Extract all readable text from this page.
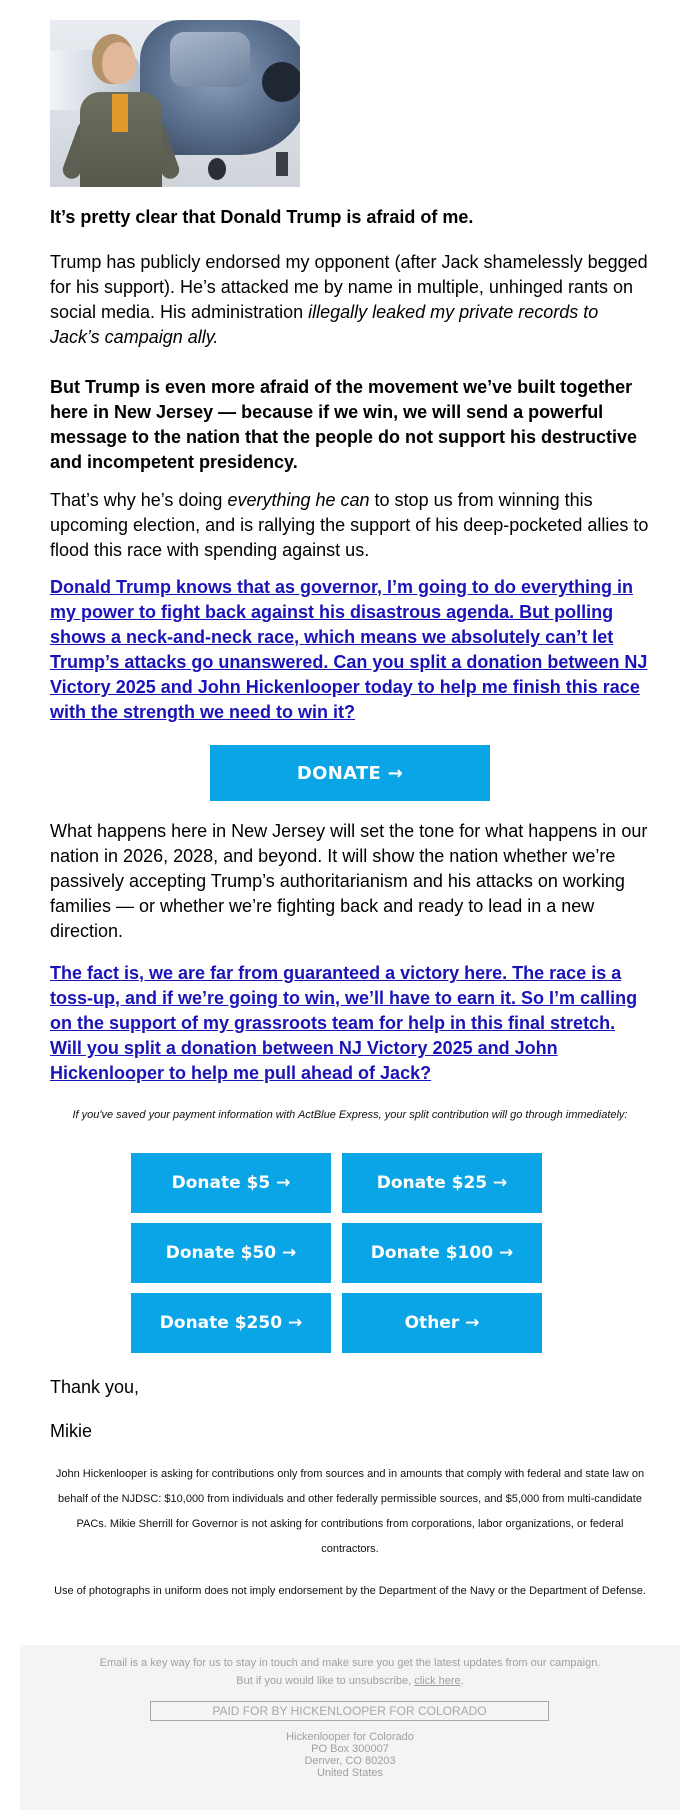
It’s pretty clear that Donald Trump is afraid of me.

Trump has publicly endorsed my opponent (after Jack shamelessly begged for his support). He’s attacked me by name in multiple, unhinged rants on social media. His administration illegally leaked my private records to Jack’s campaign ally.

But Trump is even more afraid of the movement we’ve built together here in New Jersey — because if we win, we will send a powerful message to the nation that the people do not support his destructive and incompetent presidency.

That’s why he’s doing everything he can to stop us from winning this upcoming election, and is rallying the support of his deep-pocketed allies to flood this race with spending against us.

Donald Trump knows that as governor, I’m going to do everything in my power to fight back against his disastrous agenda. But polling shows a neck-and-neck race, which means we absolutely can’t let Trump’s attacks go unanswered. Can you split a donation between NJ Victory 2025 and John Hickenlooper today to help me finish this race with the strength we need to win it?

DONATE →

What happens here in New Jersey will set the tone for what happens in our nation in 2026, 2028, and beyond. It will show the nation whether we’re passively accepting Trump’s authoritarianism and his attacks on working families — or whether we’re fighting back and ready to lead in a new direction.

The fact is, we are far from guaranteed a victory here. The race is a toss-up, and if we’re going to win, we’ll have to earn it. So I’m calling on the support of my grassroots team for help in this final stretch. Will you split a donation between NJ Victory 2025 and John Hickenlooper to help me pull ahead of Jack?

If you've saved your payment information with ActBlue Express, your split contribution will go through immediately:
Donate $5 →	Donate $25 →
Donate $50 →	Donate $100 →
Donate $250 →	Other →

Thank you,

Mikie

John Hickenlooper is asking for contributions only from sources and in amounts that comply with federal and state law on behalf of the NJDSC: $10,000 from individuals and other federally permissible sources, and $5,000 from multi-candidate PACs. Mikie Sherrill for Governor is not asking for contributions from corporations, labor organizations, or federal contractors.
Use of photographs in uniform does not imply endorsement by the Department of the Navy or the Department of Defense.
Email is a key way for us to stay in touch and make sure you get the latest updates from our campaign.
But if you would like to unsubscribe, click here.
PAID FOR BY HICKENLOOPER FOR COLORADO
Hickenlooper for Colorado
PO Box 300007
Denver, CO 80203
United States
